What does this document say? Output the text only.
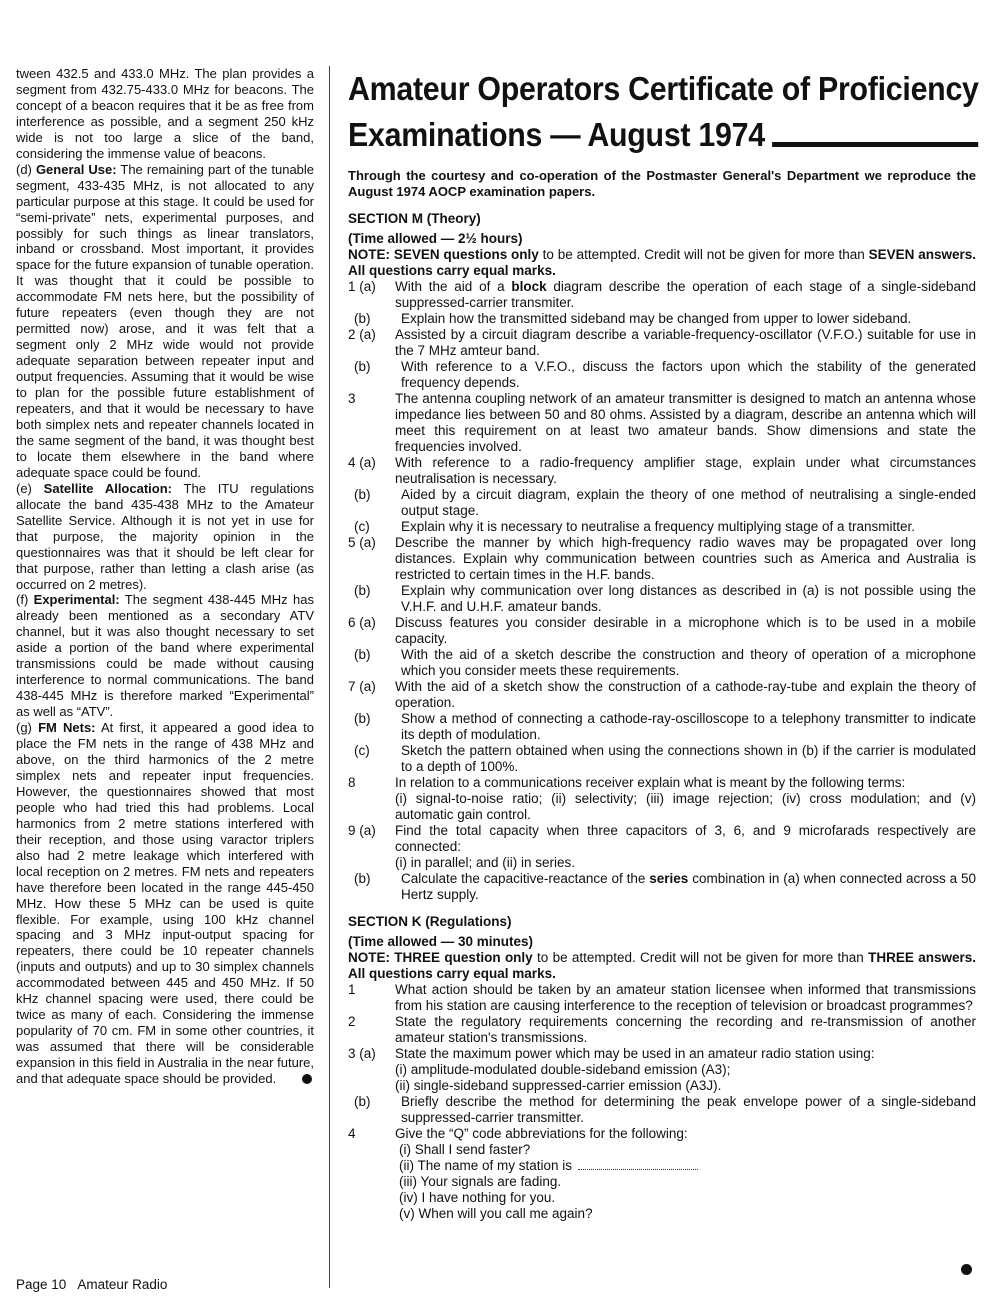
tween 432.5 and 433.0 MHz. The plan provides a segment from 432.75-433.0 MHz for beacons. The concept of a beacon requires that it be as free from interference as possible, and a segment 250 kHz wide is not too large a slice of the band, considering the immense value of beacons.

(d) General Use: The remaining part of the tunable segment, 433-435 MHz, is not allocated to any particular purpose at this stage. It could be used for “semi-private” nets, experimental purposes, and possibly for such things as linear translators, inband or crossband. Most important, it provides space for the future expansion of tunable operation. It was thought that it could be possible to accommodate FM nets here, but the possibility of future repeaters (even though they are not permitted now) arose, and it was felt that a segment only 2 MHz wide would not provide adequate separation between repeater input and output frequencies. Assuming that it would be wise to plan for the possible future establishment of repeaters, and that it would be necessary to have both simplex nets and repeater channels located in the same segment of the band, it was thought best to locate them elsewhere in the band where adequate space could be found.

(e) Satellite Allocation: The ITU regulations allocate the band 435-438 MHz to the Amateur Satellite Service. Although it is not yet in use for that purpose, the majority opinion in the questionnaires was that it should be left clear for that purpose, rather than letting a clash arise (as occurred on 2 metres).

(f) Experimental: The segment 438-445 MHz has already been mentioned as a secondary ATV channel, but it was also thought necessary to set aside a portion of the band where experimental transmissions could be made without causing interference to normal communications. The band 438-445 MHz is therefore marked “Experimental” as well as “ATV”.

(g) FM Nets: At first, it appeared a good idea to place the FM nets in the range of 438 MHz and above, on the third harmonics of the 2 metre simplex nets and repeater input frequencies. However, the questionnaires showed that most people who had tried this had problems. Local harmonics from 2 metre stations interfered with their reception, and those using varactor triplers also had 2 metre leakage which interfered with local reception on 2 metres. FM nets and repeaters have therefore been located in the range 445-450 MHz. How these 5 MHz can be used is quite flexible. For example, using 100 kHz channel spacing and 3 MHz input-output spacing for repeaters, there could be 10 repeater channels (inputs and outputs) and up to 30 simplex channels accommodated between 445 and 450 MHz. If 50 kHz channel spacing were used, there could be twice as many of each. Considering the immense popularity of 70 cm. FM in some other countries, it was assumed that there will be considerable expansion in this field in Australia in the near future, and that adequate space should be provided.

Page 10 Amateur Radio
Amateur Operators Certificate of Proficiency
Examinations — August 1974
Through the courtesy and co-operation of the Postmaster General's Department we reproduce the August 1974 AOCP examination papers.
SECTION M (Theory)
(Time allowed — 2½ hours)
NOTE: SEVEN questions only to be attempted. Credit will not be given for more than SEVEN answers. All questions carry equal marks.
1 (a)	With the aid of a block diagram describe the operation of each stage of a single-sideband suppressed-carrier transmiter.
(b)	Explain how the transmitted sideband may be changed from upper to lower sideband.
2 (a)	Assisted by a circuit diagram describe a variable-frequency-oscillator (V.F.O.) suitable for use in the 7 MHz amteur band.
(b)	With reference to a V.F.O., discuss the factors upon which the stability of the generated frequency depends.
3	The antenna coupling network of an amateur transmitter is designed to match an antenna whose impedance lies between 50 and 80 ohms. Assisted by a diagram, describe an antenna which will meet this requirement on at least two amateur bands. Show dimensions and state the frequencies involved.
4 (a)	With reference to a radio-frequency amplifier stage, explain under what circumstances neutralisation is necessary.
(b)	Aided by a circuit diagram, explain the theory of one method of neutralising a single-ended output stage.
(c)	Explain why it is necessary to neutralise a frequency multiplying stage of a transmitter.
5 (a)	Describe the manner by which high-frequency radio waves may be propagated over long distances. Explain why communication between countries such as America and Australia is restricted to certain times in the H.F. bands.
(b)	Explain why communication over long distances as described in (a) is not possible using the V.H.F. and U.H.F. amateur bands.
6 (a)	Discuss features you consider desirable in a microphone which is to be used in a mobile capacity.
(b)	With the aid of a sketch describe the construction and theory of operation of a microphone which you consider meets these requirements.
7 (a)	With the aid of a sketch show the construction of a cathode-ray-tube and explain the theory of operation.
(b)	Show a method of connecting a cathode-ray-oscilloscope to a telephony transmitter to indicate its depth of modulation.
(c)	Sketch the pattern obtained when using the connections shown in (b) if the carrier is modulated to a depth of 100%.
8	In relation to a communications receiver explain what is meant by the following terms:
(i) signal-to-noise ratio; (ii) selectivity; (iii) image rejection; (iv) cross modulation; and (v) automatic gain control.
9 (a)	Find the total capacity when three capacitors of 3, 6, and 9 microfarads respectively are connected:
(i) in parallel; and (ii) in series.
(b)	Calculate the capacitive-reactance of the series combination in (a) when connected across a 50 Hertz supply.
SECTION K (Regulations)
(Time allowed — 30 minutes)
NOTE: THREE question only to be attempted. Credit will not be given for more than THREE answers. All questions carry equal marks.
1	What action should be taken by an amateur station licensee when informed that transmissions from his station are causing interference to the reception of television or broadcast programmes?
2	State the regulatory requirements concerning the recording and re-transmission of another amateur station's transmissions.
3 (a)	State the maximum power which may be used in an amateur radio station using:
(i) amplitude-modulated double-sideband emission (A3);
(ii) single-sideband suppressed-carrier emission (A3J).
(b)	Briefly describe the method for determining the peak envelope power of a single-sideband suppressed-carrier transmitter.
4	Give the “Q” code abbreviations for the following:
(i) Shall I send faster?
(ii) The name of my station is
(iii) Your signals are fading.
(iv) I have nothing for you.
(v) When will you call me again?
